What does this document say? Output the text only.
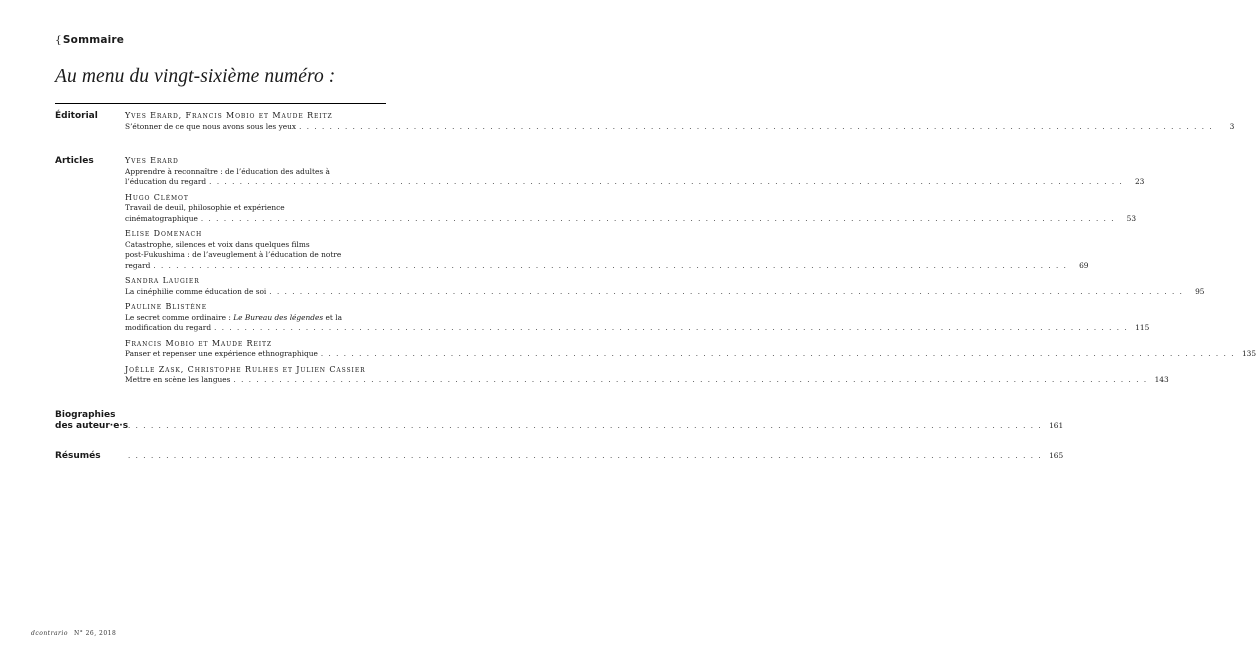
{Sommaire
Au menu du vingt-sixième numéro :
Éditorial	Yves Erard, Francis Mobio et Maude Reitz
S’étonner de ce que nous avons sous les yeux . . . . . . . . . . . . . . . . . . . . . . . . . . . . . . . . . . . . . . . . . . . . . . . . . . . . . . . . . . . . . . . . . . . . . . . . . . . . . . . . . . . . . . . . . . . . . . . . . . . . . . . . . . . . . . . . . . . . . . . .	3
Articles	Yves Erard
Apprendre à reconnaître : de l’éducation des adultes à
l’éducation du regard . . . . . . . . . . . . . . . . . . . . . . . . . . . . . . . . . . . . . . . . . . . . . . . . . . . . . . . . . . . . . . . . . . . . . . . . . . . . . . . . . . . . . . . . . . . . . . . . . . . . . . . . . . . . . . . . . . . . . . . .	23
Hugo Clémot
Travail de deuil, philosophie et expérience
cinématographique . . . . . . . . . . . . . . . . . . . . . . . . . . . . . . . . . . . . . . . . . . . . . . . . . . . . . . . . . . . . . . . . . . . . . . . . . . . . . . . . . . . . . . . . . . . . . . . . . . . . . . . . . . . . . . . . . . . . . . . .	53
Elise Domenach
Catastrophe, silences et voix dans quelques films
post-Fukushima : de l’aveuglement à l’éducation de notre
regard . . . . . . . . . . . . . . . . . . . . . . . . . . . . . . . . . . . . . . . . . . . . . . . . . . . . . . . . . . . . . . . . . . . . . . . . . . . . . . . . . . . . . . . . . . . . . . . . . . . . . . . . . . . . . . . . . . . . . . . .	69
Sandra Laugier
La cinéphilie comme éducation de soi . . . . . . . . . . . . . . . . . . . . . . . . . . . . . . . . . . . . . . . . . . . . . . . . . . . . . . . . . . . . . . . . . . . . . . . . . . . . . . . . . . . . . . . . . . . . . . . . . . . . . . . . . . . . . . . . . . . . . . . .	95
Pauline Blistène
Le secret comme ordinaire : Le Bureau des légendes et la
modification du regard . . . . . . . . . . . . . . . . . . . . . . . . . . . . . . . . . . . . . . . . . . . . . . . . . . . . . . . . . . . . . . . . . . . . . . . . . . . . . . . . . . . . . . . . . . . . . . . . . . . . . . . . . . . . . . . . . . . . . . . . 115
Francis Mobio et Maude Reitz
Panser et repenser une expérience ethnographique . . . . . . . . . . . . . . . . . . . . . . . . . . . . . . . . . . . . . . . . . . . . . . . . . . . . . . . . . . . . . . . . . . . . . . . . . . . . . . . . . . . . . . . . . . . . . . . . . . . . . . . . . . . . . . . . . . . . . . . . 135
Joëlle Zask, Christophe Rulhes et Julien Cassier
Mettre en scène les langues . . . . . . . . . . . . . . . . . . . . . . . . . . . . . . . . . . . . . . . . . . . . . . . . . . . . . . . . . . . . . . . . . . . . . . . . . . . . . . . . . . . . . . . . . . . . . . . . . . . . . . . . . . . . . . . . . . . . . . . . 143
Biographies
des auteur·e·s . . . . . . . . . . . . . . . . . . . . . . . . . . . . . . . . . . . . . . . . . . . . . . . . . . . . . . . . . . . . . . . . . . . . . . . . . . . . . . . . . . . . . . . . . . . . . . . . . . . . . . . . . . . . . . . . . . . . . . . . 161
Résumés	. . . . . . . . . . . . . . . . . . . . . . . . . . . . . . . . . . . . . . . . . . . . . . . . . . . . . . . . . . . . . . . . . . . . . . . . . . . . . . . . . . . . . . . . . . . . . . . . . . . . . . . . . . . . . . . . . . . . . . . . 165
dcontrario N° 26, 2018
